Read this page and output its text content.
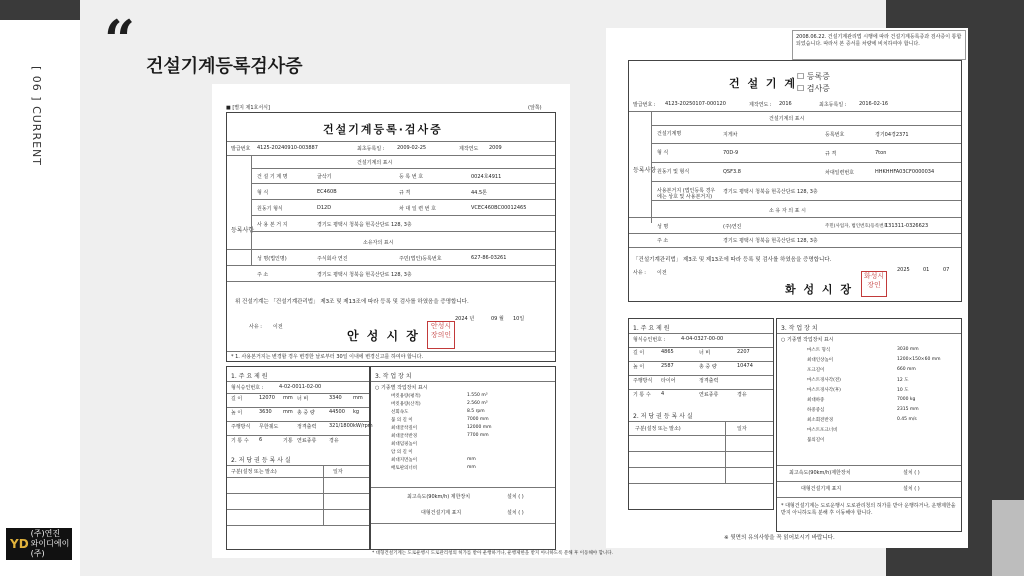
[ 06 ] CURRENT
YD
(주)연진
와이디에이(주)
“ 건설기계등록검사증
■ [별지 제1호서식]	(앞쪽)
건설기계등록·검사증
발급번호 4125-20240910-003887	최초등록일 :	2009-02-25	제작연도 2009
등록사항
건설기계의 표시
건 설 기 계 명	굴삭기	등 록 번 호	0024호4911
형 식	EC460B	규 격	44.5톤
원동기 형식	D12D	차 대 일 련 번 호	VCEC460BC00012465
사 용 본 거 지	경기도 평택시 청북읍 현곡산단로 128, 3층
소유자의 표시
성 명(법인명)	주식회사 연진	주민(법인)등록번호	627-86-03261
주 소	경기도 평택시 청북읍 현곡산단로 128, 3층
위 건설기계는 「건설기계관리법」 제3조 및 제13조에 따라 등록 및 검사를 하였음을 증명합니다.
사유 : 이전
2024 년	09 월 10일
안 성 시 장
안성시장의인
* 1. 사용본거지는 변경할 경우 변경한 날로부터 30일 이내에 변경신고를 하여야 합니다.
1. 주 요 제 원
형식승인번호 :	4-02-0011-02-00
길 이	12070 mm 너 비	3340 mm
높 이	3630 mm 총 중 량	44500 kg
주행방식 무한궤도	정격출력	321/1800 kW/rpm
기 통 수 6	기통 연료종류	경유
2. 저 당 권 등 록 사 실
구분(설정 또는 말소)	일자
3. 작 업 장 치
○ 기종별 작업장치 표시
버킷용량(평적)	1.550 m³
버킷용량(산적)	2.560 m³
선회속도	8.5 rpm
붐 의 길 이	7000 mm
최대굴착깊이	12000 mm
최대굴착반경	7700 mm
최대덤핑높이
암 의 길 이
최대지면높이	mm
배토판의너비	mm
최고속도(90km/h) 제한장치	설치 ( )
대형건설기계 표지	설치 ( )
* 대형건설기계는 도로운행시 도로관리청의 허가를 받아 운행하거나, 운행제한을 받지 아니하도록 분해 후 이동해야 합니다.
2008.06.22. 건설기계관리법 시행에 따라 건설기계등록증과 검사증이 통합되었습니다. 따라서 본 증서를 차량에 비치하여야 합니다.
건 설 기 계
☐ 등록증
☐ 검사증
발급번호 : 4123-20250107-000120	제작연도 : 2016	최초등록일 :	2016-02-16
등록사항
건설기계의 표시
건설기계명	지게차	등록번호	경기04경2371
형 식	70D-9	규 격	7ton
원동기 및 형식	QSF3.8	차대일련번호	HHKHHFA03CF0000034
사용본거지 (법인등록 경우에는 상호 및 사용본거지)
경기도 평택시 청북읍 현곡산단로 128, 3층
소 유 자 의 표 시
성 명	(주)연진	주민(사업자, 법인번호)등록번호
131311-0326623
주 소	경기도 평택시 청북읍 현곡산단로 128, 3층
「건설기계관리법」 제3조 및 제13조에 따라 등록 및 검사를 하였음을 증명합니다.
사유 : 이전	2025	01	07
화 성 시 장
화성시장인
1. 주 요 제 원
형식승인번호 :	4-04-0327-00-00
길 이	4865	너 비	2207
높 이	2587	총 중 량	10474
주행방식 타이어	정격출력
기 통 수 4	연료종류	경유
2. 저 당 권 등 록 사 실
구분(설정 또는 말소)	일자
3. 작 업 장 치
○ 기종별 작업장치 표시
마스트 형식	3030 mm
최대인상높이	1200×150×60 mm
포크길이	660 mm
마스트경사각(전)	12 도
마스트경사각(후)	10 도
최대하중	7000 kg
하중중심	2315 mm
최소회전반경	0.45 m/s
마스트포크너비
붐의길이
최고속도(90km/h)제한장치	설치 ( )
대형건설기계 표지	설치 ( )
* 대형건설기계는 도로운행시 도로관리청의 허가를 받아 운행하거나, 운행제한을 받지 아니하도록 분해 후 이동해야 합니다.
※ 뒷면의 유의사항을 꼭 읽어보시기 바랍니다.
